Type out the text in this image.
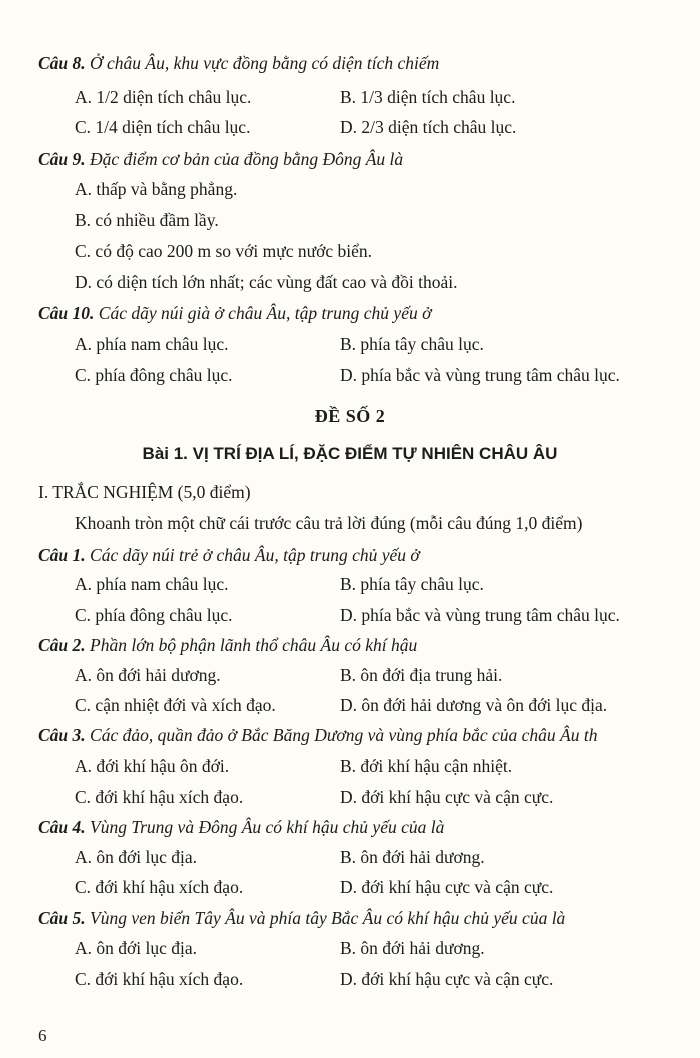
Câu 8. Ở châu Âu, khu vực đồng bằng có diện tích chiếm
A. 1/2 diện tích châu lục.	B. 1/3 diện tích châu lục.
C. 1/4 diện tích châu lục.	D. 2/3 diện tích châu lục.
Câu 9. Đặc điểm cơ bản của đồng bằng Đông Âu là
A. thấp và bằng phẳng.
B. có nhiều đầm lầy.
C. có độ cao 200 m so với mực nước biển.
D. có diện tích lớn nhất; các vùng đất cao và đồi thoải.
Câu 10. Các dãy núi già ở châu Âu, tập trung chủ yếu ở
A. phía nam châu lục.	B. phía tây châu lục.
C. phía đông châu lục.	D. phía bắc và vùng trung tâm châu lục.
ĐỀ SỐ 2
Bài 1. VỊ TRÍ ĐỊA LÍ, ĐẶC ĐIỂM TỰ NHIÊN CHÂU ÂU
I. TRẮC NGHIỆM (5,0 điểm)
Khoanh tròn một chữ cái trước câu trả lời đúng (mỗi câu đúng 1,0 điểm)
Câu 1. Các dãy núi trẻ ở châu Âu, tập trung chủ yếu ở
A. phía nam châu lục.	B. phía tây châu lục.
C. phía đông châu lục.	D. phía bắc và vùng trung tâm châu lục.
Câu 2. Phần lớn bộ phận lãnh thổ châu Âu có khí hậu
A. ôn đới hải dương.	B. ôn đới địa trung hải.
C. cận nhiệt đới và xích đạo.	D. ôn đới hải dương và ôn đới lục địa.
Câu 3. Các đảo, quần đảo ở Bắc Băng Dương và vùng phía bắc của châu Âu th
A. đới khí hậu ôn đới.	B. đới khí hậu cận nhiệt.
C. đới khí hậu xích đạo.	D. đới khí hậu cực và cận cực.
Câu 4. Vùng Trung và Đông Âu có khí hậu chủ yếu của là
A. ôn đới lục địa.	B. ôn đới hải dương.
C. đới khí hậu xích đạo.	D. đới khí hậu cực và cận cực.
Câu 5. Vùng ven biển Tây Âu và phía tây Bắc Âu có khí hậu chủ yếu của là
A. ôn đới lục địa.	B. ôn đới hải dương.
C. đới khí hậu xích đạo.	D. đới khí hậu cực và cận cực.
6
